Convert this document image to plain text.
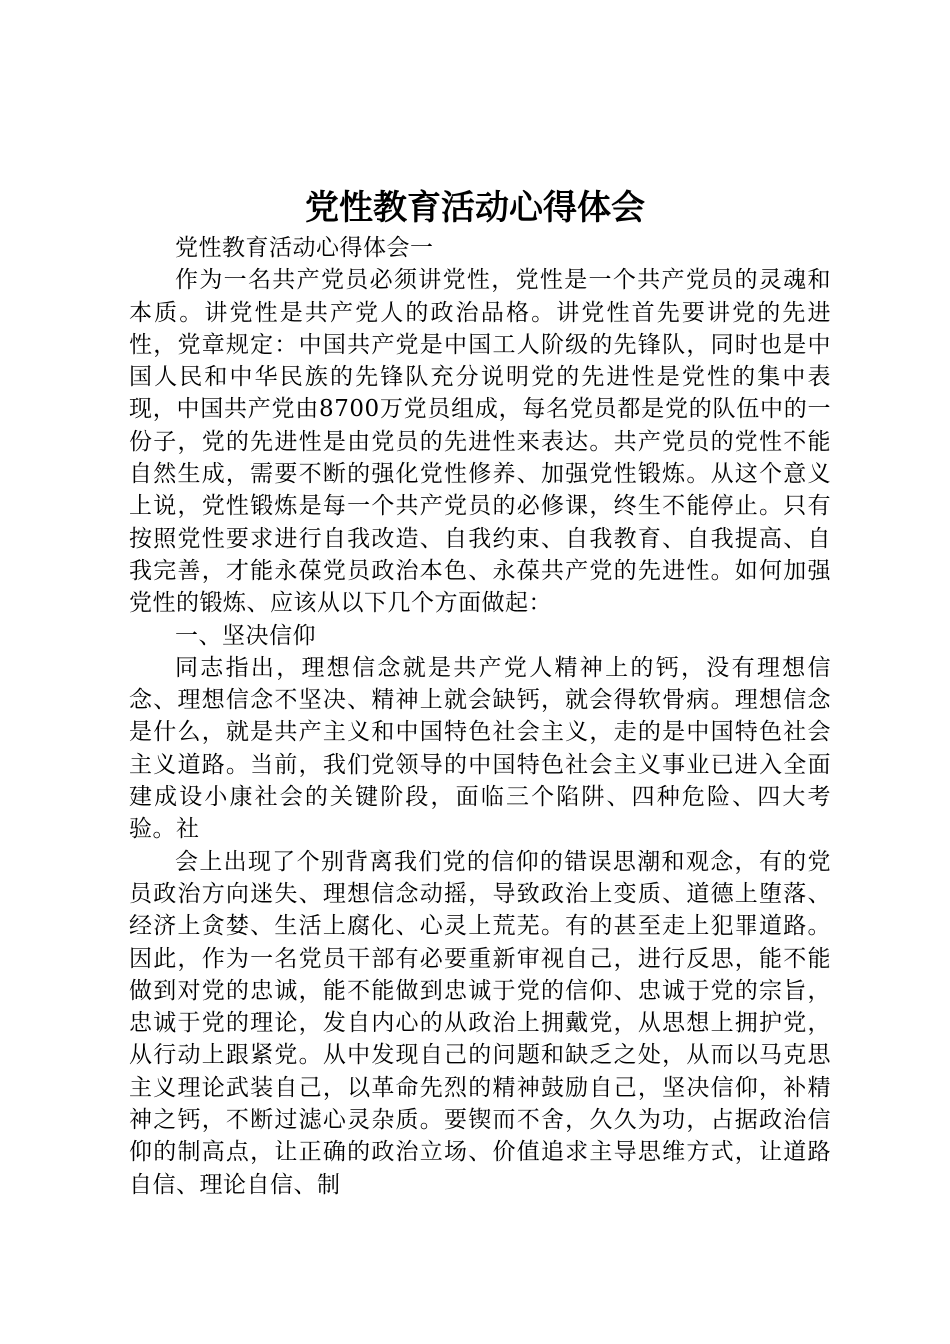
党性教育活动心得体会

党性教育活动心得体会一

作为一名共产党员必须讲党性，党性是一个共产党员的灵魂和本质。讲党性是共产党人的政治品格。讲党性首先要讲党的先进性，党章规定：中国共产党是中国工人阶级的先锋队，同时也是中国人民和中华民族的先锋队充分说明党的先进性是党性的集中表现，中国共产党由8700万党员组成，每名党员都是党的队伍中的一份子，党的先进性是由党员的先进性来表达。共产党员的党性不能自然生成，需要不断的强化党性修养、加强党性锻炼。从这个意义上说，党性锻炼是每一个共产党员的必修课，终生不能停止。只有按照党性要求进行自我改造、自我约束、自我教育、自我提高、自我完善，才能永葆党员政治本色、永葆共产党的先进性。如何加强党性的锻炼、应该从以下几个方面做起：

一、坚决信仰

同志指出，理想信念就是共产党人精神上的钙，没有理想信念、理想信念不坚决、精神上就会缺钙，就会得软骨病。理想信念是什么，就是共产主义和中国特色社会主义，走的是中国特色社会主义道路。当前，我们党领导的中国特色社会主义事业已进入全面建成设小康社会的关键阶段，面临三个陷阱、四种危险、四大考验。社

会上出现了个别背离我们党的信仰的错误思潮和观念，有的党员政治方向迷失、理想信念动摇，导致政治上变质、道德上堕落、经济上贪婪、生活上腐化、心灵上荒芜。有的甚至走上犯罪道路。因此，作为一名党员干部有必要重新审视自己，进行反思，能不能做到对党的忠诚，能不能做到忠诚于党的信仰、忠诚于党的宗旨，忠诚于党的理论，发自内心的从政治上拥戴党，从思想上拥护党，从行动上跟紧党。从中发现自己的问题和缺乏之处，从而以马克思主义理论武装自己，以革命先烈的精神鼓励自己，坚决信仰，补精神之钙，不断过滤心灵杂质。要锲而不舍，久久为功，占据政治信仰的制高点，让正确的政治立场、价值追求主导思维方式，让道路自信、理论自信、制
